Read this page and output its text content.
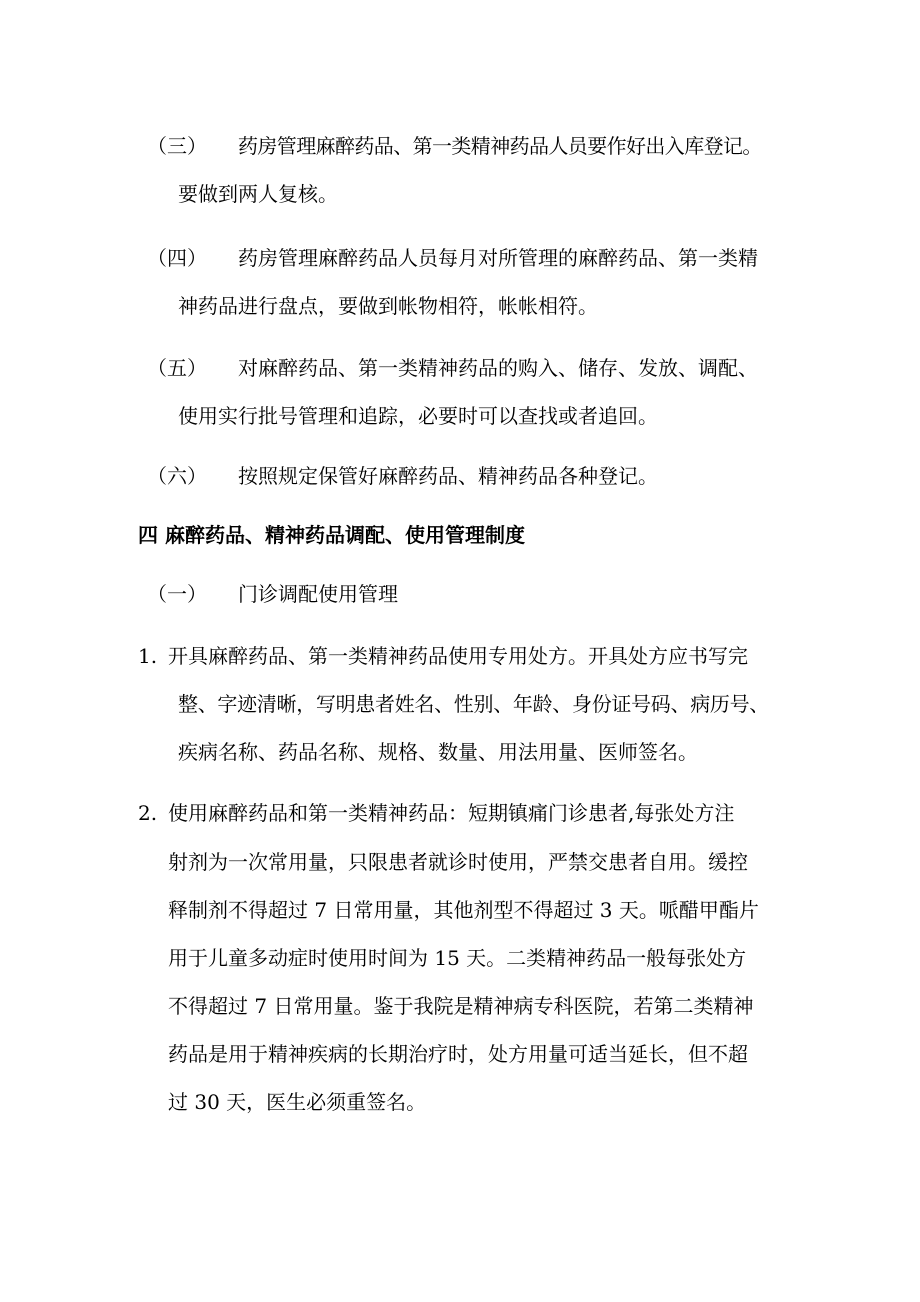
（三） 药房管理麻醉药品、第一类精神药品人员要作好出入库登记。
要做到两人复核。
（四） 药房管理麻醉药品人员每月对所管理的麻醉药品、第一类精
神药品进行盘点，要做到帐物相符，帐帐相符。
（五） 对麻醉药品、第一类精神药品的购入、储存、发放、调配、
使用实行批号管理和追踪，必要时可以查找或者追回。
（六） 按照规定保管好麻醉药品、精神药品各种登记。
四 麻醉药品、精神药品调配、使用管理制度
（一） 门诊调配使用管理
1. 开具麻醉药品、第一类精神药品使用专用处方。开具处方应书写完
整、字迹清晰，写明患者姓名、性别、年龄、身份证号码、病历号、
疾病名称、药品名称、规格、数量、用法用量、医师签名。
2. 使用麻醉药品和第一类精神药品：短期镇痛门诊患者,每张处方注
射剂为一次常用量，只限患者就诊时使用，严禁交患者自用。缓控
释制剂不得超过 7 日常用量，其他剂型不得超过 3 天。哌醋甲酯片
用于儿童多动症时使用时间为 15 天。二类精神药品一般每张处方
不得超过 7 日常用量。鉴于我院是精神病专科医院，若第二类精神
药品是用于精神疾病的长期治疗时，处方用量可适当延长，但不超
过 30 天，医生必须重签名。
